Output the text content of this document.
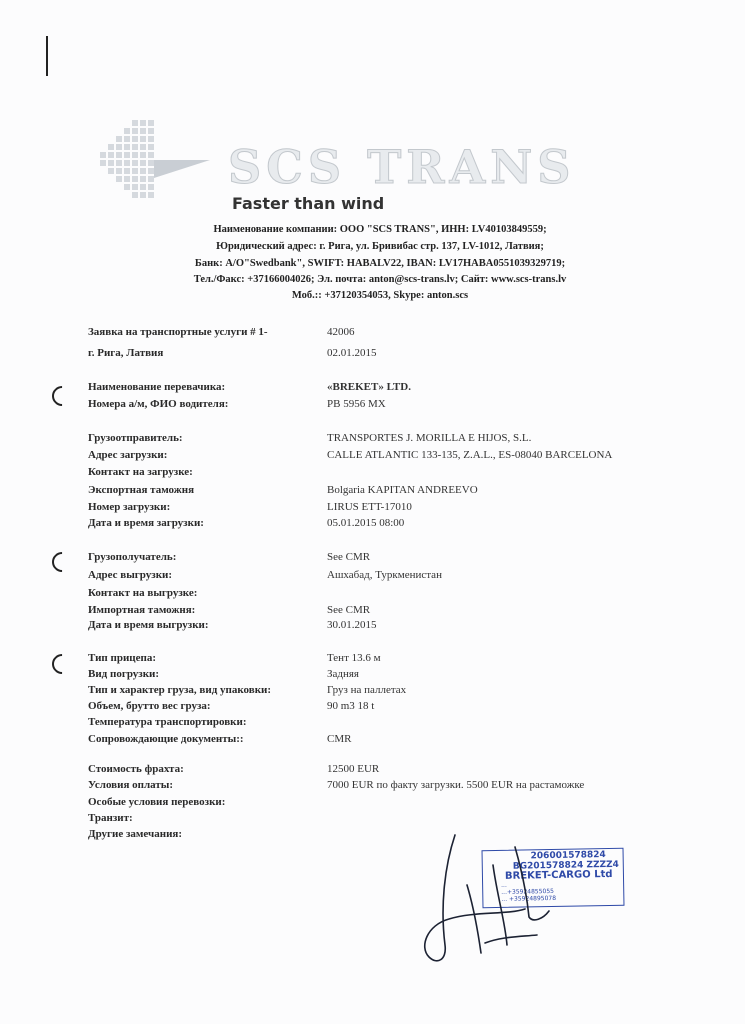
SCS TRANS
Faster than wind
Наименование компании: ООО "SCS TRANS", ИНН: LV40103849559;
Юридический адрес: г. Рига, ул. Бривибас стр. 137, LV-1012, Латвия;
Банк: A/O"Swedbank", SWIFT: HABALV22, IBAN: LV17HABA0551039329719;
Тел./Факс: +37166004026; Эл. почта: anton@scs-trans.lv; Сайт: www.scs-trans.lv
Моб.:: +37120354053, Skype: anton.scs
Заявка на транспортные услуги # 1-	42006
г. Рига, Латвия	02.01.2015
Наименование перевачика:	«BREKET» LTD.
Номера а/м, ФИО водителя:	PB 5956 MX
Грузоотправитель:	TRANSPORTES J. MORILLA E HIJOS, S.L.
Адрес загрузки:	CALLE ATLANTIC 133-135, Z.A.L., ES-08040 BARCELONA
Контакт на загрузке:
Экспортная таможня	Bolgaria KAPITAN ANDREEVO
Номер загрузки:	LIRUS ETT-17010
Дата и время загрузки:	05.01.2015 08:00
Грузополучатель:	See CMR
Адрес выгрузки:	Ашхабад, Туркменистан
Контакт на выгрузке:
Импортная таможня:	See CMR
Дата и время выгрузки:	30.01.2015
Тип прицепа:	Тент 13.6 м
Вид погрузки:	Задняя
Тип и характер груза, вид упаковки:	Груз на паллетах
Объем, брутто вес груза:	90 m3 18 t
Температура транспортировки:
Сопровождающие документы::	CMR
Стоимость фрахта:	12500 EUR
Условия оплаты:	7000 EUR по факту загрузки. 5500 EUR на растаможке
Особые условия перевозки:
Транзит:
Другие замечания:
206001578824
BG201578824 ZZZZ4
BREKET-CARGO Ltd
...
...+35924855055
... +35924895078
